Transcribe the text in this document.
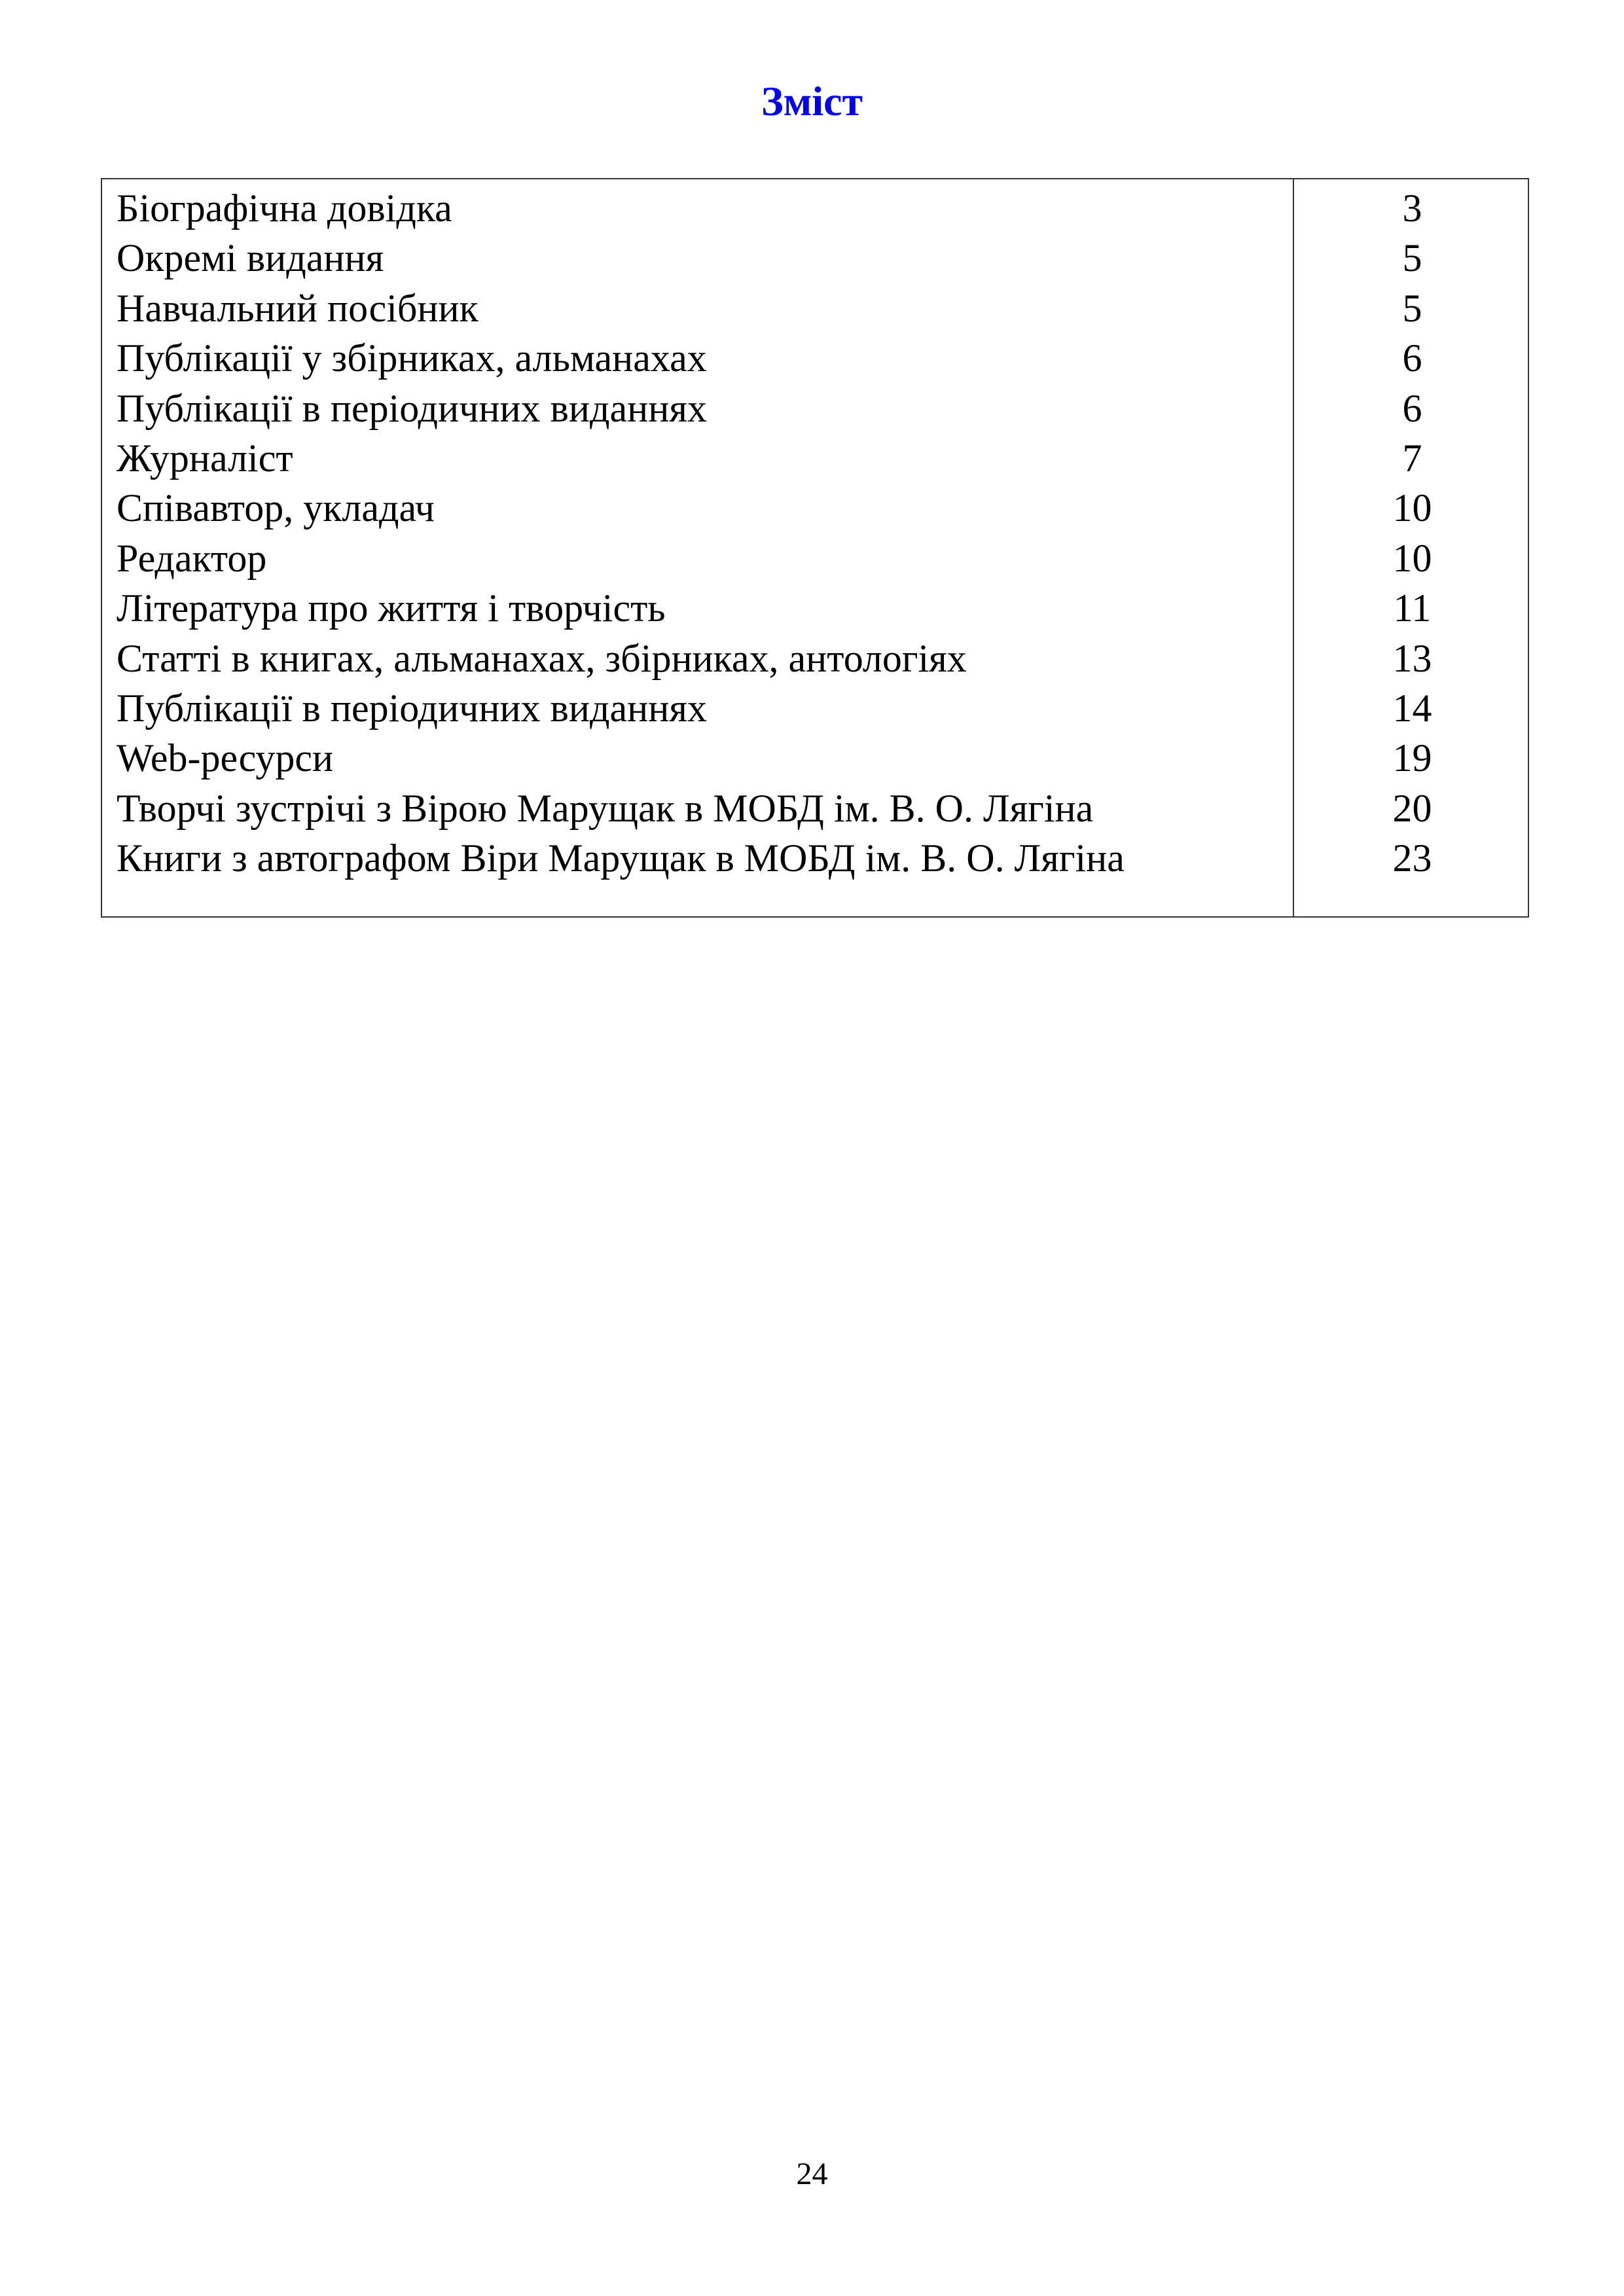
Зміст
Біографічна довідка	3
Окремі видання	5
Навчальний посібник	5
Публікації у збірниках, альманахах	6
Публікації в періодичних виданнях	6
Журналіст	7
Співавтор, укладач	10
Редактор	10
Література про життя і творчість	11
Статті в книгах, альманахах, збірниках, антологіях	13
Публікації в періодичних виданнях	14
Web-ресурси	19
Творчі зустрічі з Вірою Марущак в МОБД ім. В. О. Лягіна	20
Книги з автографом Віри Марущак в МОБД ім. В. О. Лягіна	23
24
